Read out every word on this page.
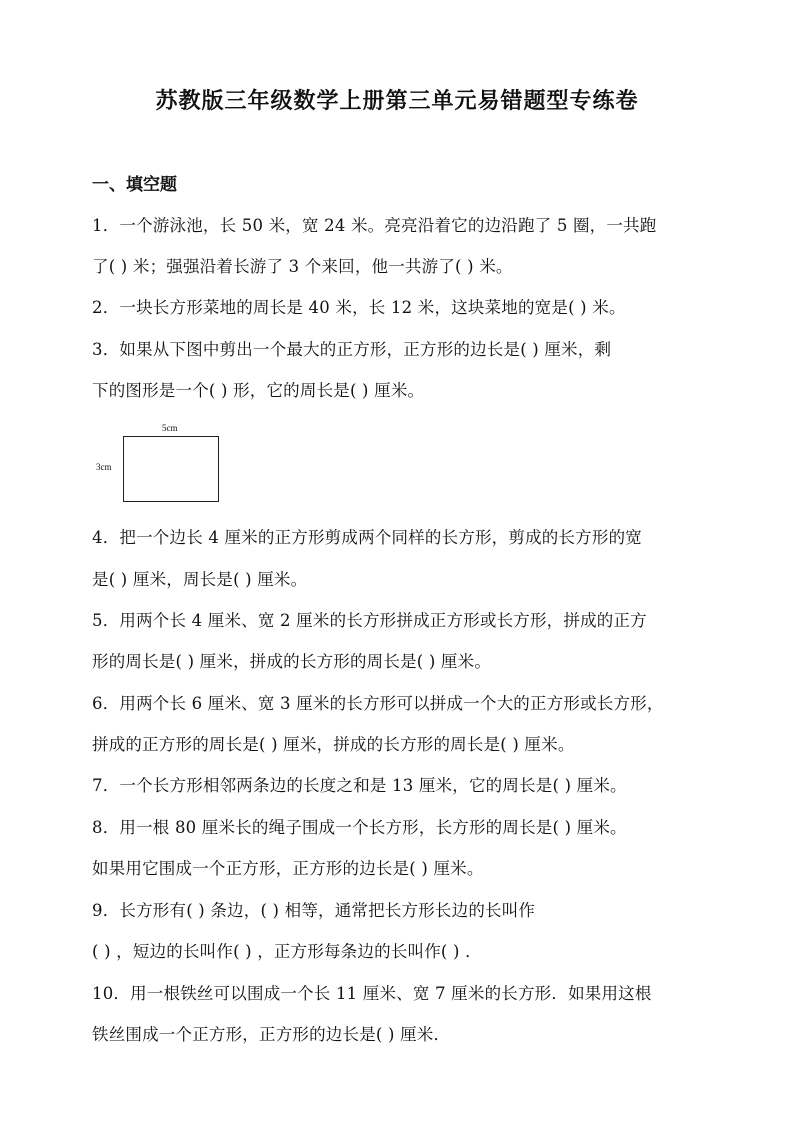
苏教版三年级数学上册第三单元易错题型专练卷
一、填空题
1．一个游泳池，长 50 米，宽 24 米。亮亮沿着它的边沿跑了 5 圈，一共跑
了( ) 米；强强沿着长游了 3 个来回，他一共游了( ) 米。
2．一块长方形菜地的周长是 40 米，长 12 米，这块菜地的宽是( ) 米。
3．如果从下图中剪出一个最大的正方形，正方形的边长是( ) 厘米，剩
下的图形是一个( ) 形，它的周长是( ) 厘米。
5cm
3cm
4．把一个边长 4 厘米的正方形剪成两个同样的长方形，剪成的长方形的宽
是( ) 厘米，周长是( ) 厘米。
5．用两个长 4 厘米、宽 2 厘米的长方形拼成正方形或长方形，拼成的正方
形的周长是( ) 厘米，拼成的长方形的周长是( ) 厘米。
6．用两个长 6 厘米、宽 3 厘米的长方形可以拼成一个大的正方形或长方形，
拼成的正方形的周长是( ) 厘米，拼成的长方形的周长是( ) 厘米。
7．一个长方形相邻两条边的长度之和是 13 厘米，它的周长是( ) 厘米。
8．用一根 80 厘米长的绳子围成一个长方形，长方形的周长是( ) 厘米。
如果用它围成一个正方形，正方形的边长是( ) 厘米。
9．长方形有( ) 条边，( ) 相等，通常把长方形长边的长叫作
( ) ，短边的长叫作( ) ，正方形每条边的长叫作( ) ．
10．用一根铁丝可以围成一个长 11 厘米、宽 7 厘米的长方形．如果用这根
铁丝围成一个正方形，正方形的边长是( ) 厘米．
